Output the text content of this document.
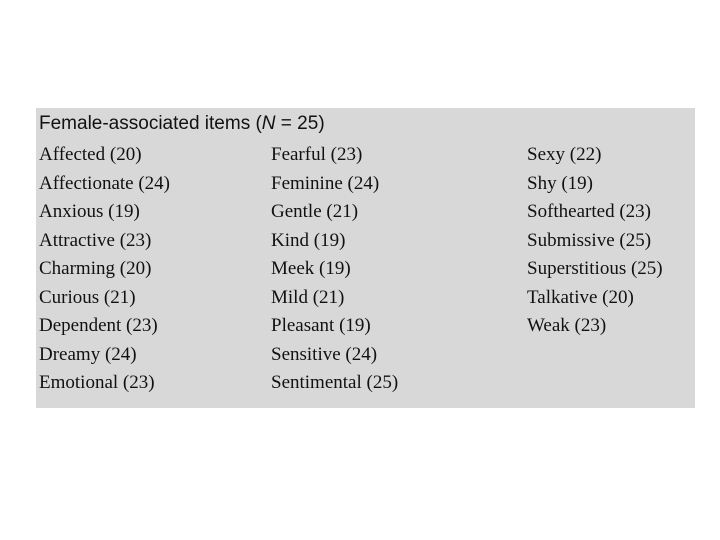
Female-associated items (N = 25)
Affected (20)
Affectionate (24)
Anxious (19)
Attractive (23)
Charming (20)
Curious (21)
Dependent (23)
Dreamy (24)
Emotional (23)
Fearful (23)
Feminine (24)
Gentle (21)
Kind (19)
Meek (19)
Mild (21)
Pleasant (19)
Sensitive (24)
Sentimental (25)
Sexy (22)
Shy (19)
Softhearted (23)
Submissive (25)
Superstitious (25)
Talkative (20)
Weak (23)
